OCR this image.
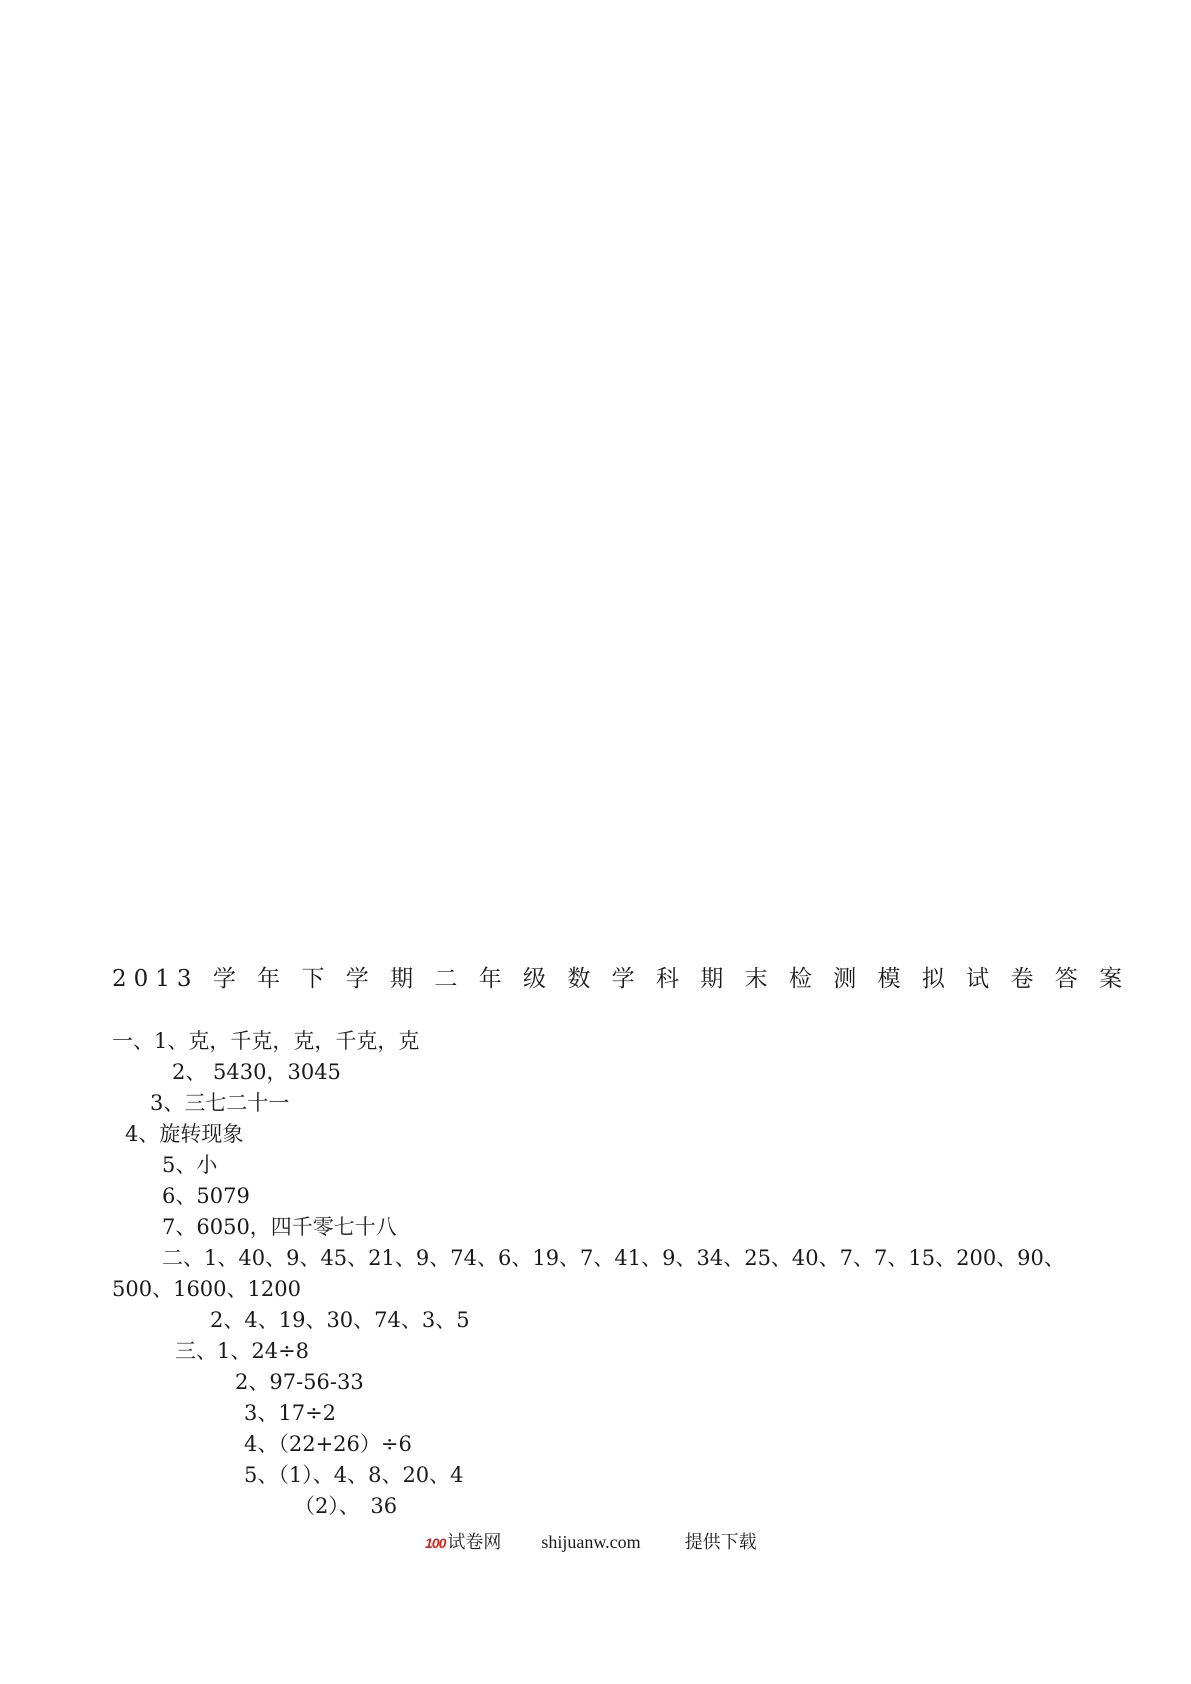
2013 学 年 下 学 期 二 年 级 数 学 科 期 末 检 测 模 拟 试 卷 答 案
一、1、克，千克，克，千克，克
2、 5430，3045
3、三七二十一
4、旋转现象
5、小
6、5079
7、6050，四千零七十八
二、1、40、9、45、21、9、74、6、19、7、41、9、34、25、40、7、7、15、200、90、
500、1600、1200
2、4、19、30、74、3、5
三、1、24÷8
2、97-56-33
3、17÷2
4、（22+26）÷6
5、（1）、4、8、20、4
（2）、　36
100 试卷网 shijuanw.com 提供下载
